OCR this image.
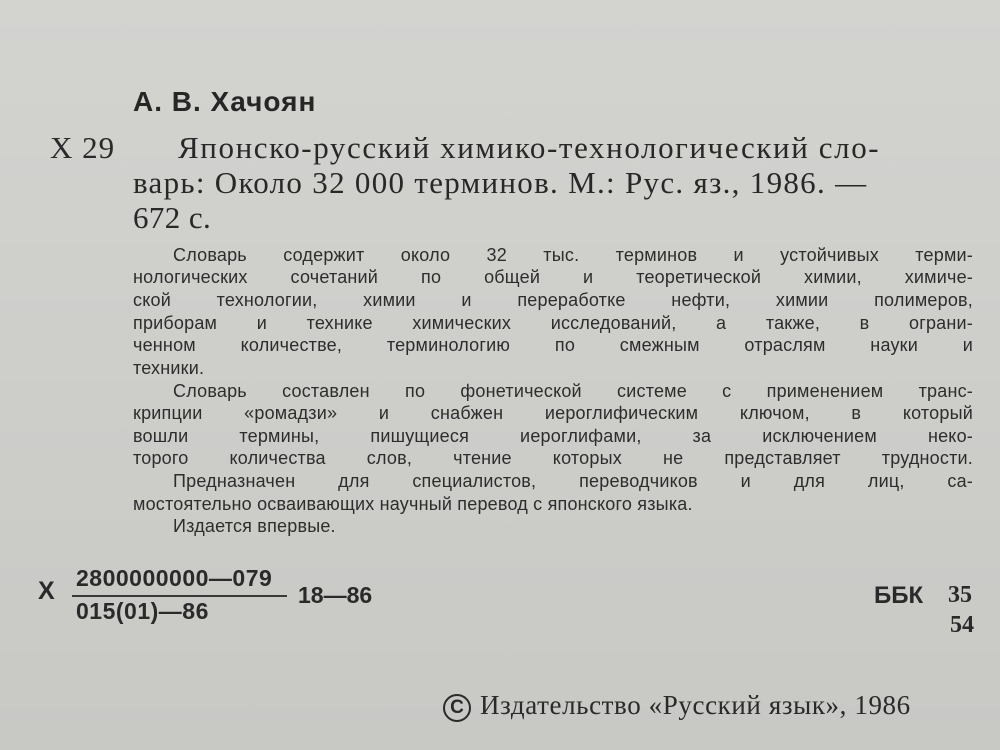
А. В. Хачоян
Х 29 Японско-русский химико-технологический сло-
варь: Около 32 000 терминов. М.: Рус. яз., 1986. —
672 с.
Словарь содержит около 32 тыс. терминов и устойчивых терми-
нологических сочетаний по общей и теоретической химии, химиче-
ской технологии, химии и переработке нефти, химии полимеров,
приборам и технике химических исследований, а также, в ограни-
ченном количестве, терминологию по смежным отраслям науки и
техники.
Словарь составлен по фонетической системе с применением транс-
крипции «ромадзи» и снабжен иероглифическим ключом, в который
вошли термины, пишущиеся иероглифами, за исключением неко-
торого количества слов, чтение которых не представляет трудности.
Предназначен для специалистов, переводчиков и для лиц, са-
мостоятельно осваивающих научный перевод с японского языка.
Издается впервые.
Х 2800000000—079
015(01)—86
18—86	ББК 35
54
C Издательство «Русский язык», 1986
